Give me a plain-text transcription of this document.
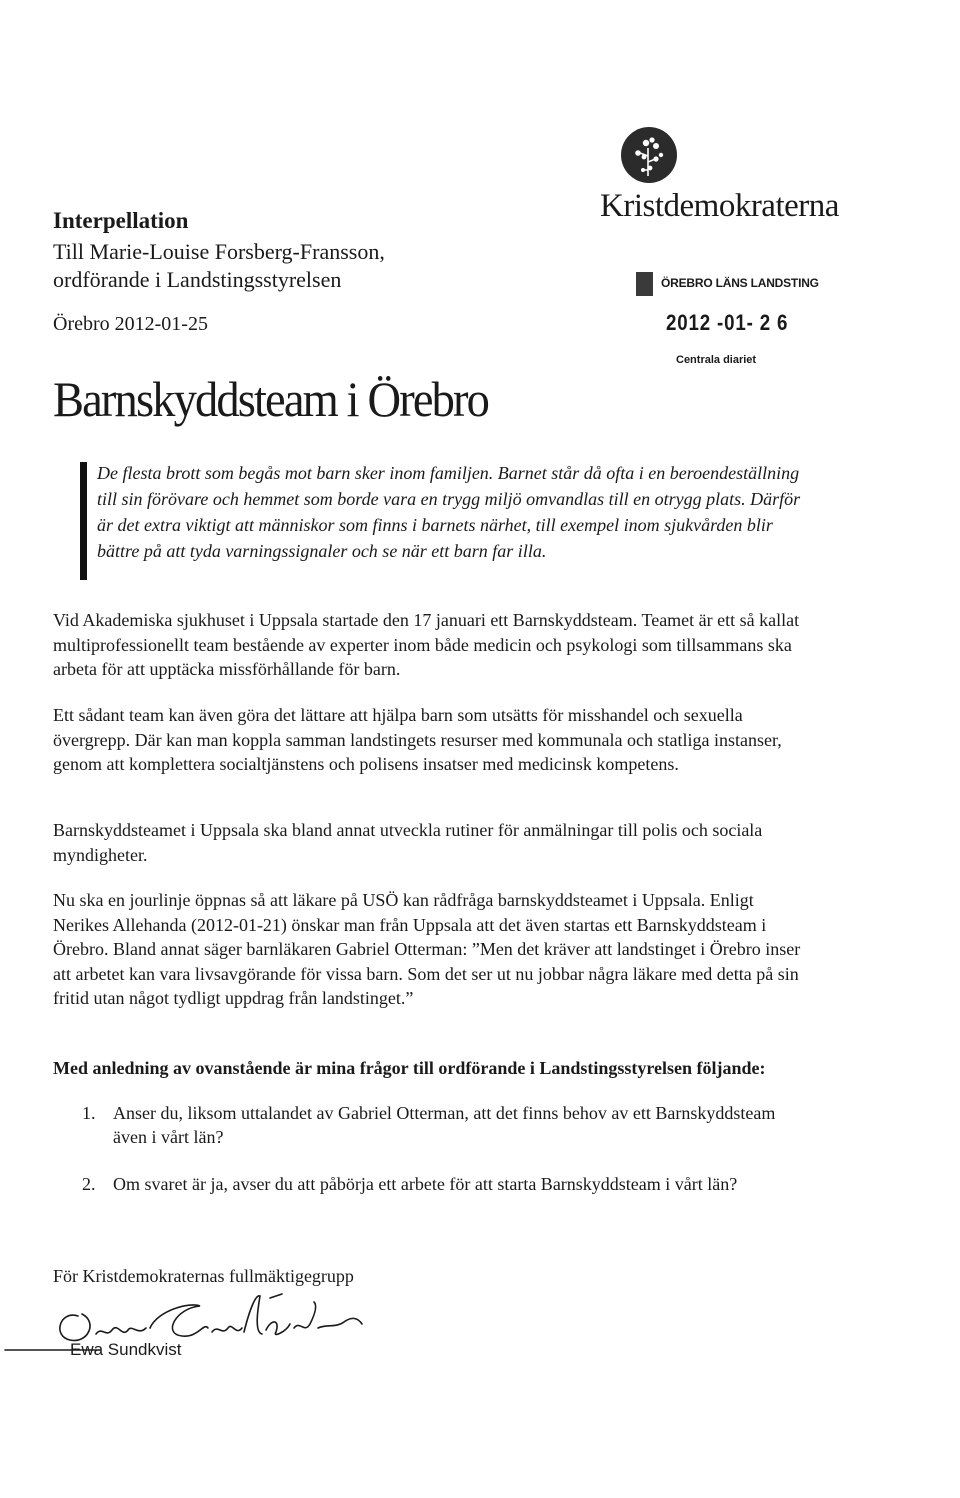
Interpellation
Till Marie-Louise Forsberg-Fransson,
ordförande i Landstingsstyrelsen
Örebro 2012-01-25
Barnskyddsteam i Örebro
Kristdemokraterna
ÖREBRO LÄNS LANDSTING
2012 -01- 2 6
Centrala diariet
De flesta brott som begås mot barn sker inom familjen. Barnet står då ofta i en beroendeställning till sin förövare och hemmet som borde vara en trygg miljö omvandlas till en otrygg plats. Därför är det extra viktigt att människor som finns i barnets närhet, till exempel inom sjukvården blir bättre på att tyda varningssignaler och se när ett barn far illa.
Vid Akademiska sjukhuset i Uppsala startade den 17 januari ett Barnskyddsteam. Teamet är ett så kallat multiprofessionellt team bestående av experter inom både medicin och psykologi som tillsammans ska arbeta för att upptäcka missförhållande för barn.
Ett sådant team kan även göra det lättare att hjälpa barn som utsätts för misshandel och sexuella övergrepp. Där kan man koppla samman landstingets resurser med kommunala och statliga instanser, genom att komplettera socialtjänstens och polisens insatser med medicinsk kompetens.
Barnskyddsteamet i Uppsala ska bland annat utveckla rutiner för anmälningar till polis och sociala myndigheter.
Nu ska en jourlinje öppnas så att läkare på USÖ kan rådfråga barnskyddsteamet i Uppsala. Enligt Nerikes Allehanda (2012-01-21) önskar man från Uppsala att det även startas ett Barnskyddsteam i Örebro. Bland annat säger barnläkaren Gabriel Otterman: ”Men det kräver att landstinget i Örebro inser att arbetet kan vara livsavgörande för vissa barn. Som det ser ut nu jobbar några läkare med detta på sin fritid utan något tydligt uppdrag från landstinget.”
Med anledning av ovanstående är mina frågor till ordförande i Landstingsstyrelsen följande:
1. Anser du, liksom uttalandet av Gabriel Otterman, att det finns behov av ett Barnskyddsteam även i vårt län?
2. Om svaret är ja, avser du att påbörja ett arbete för att starta Barnskyddsteam i vårt län?
För Kristdemokraternas fullmäktigegrupp
Ewa Sundkvist
